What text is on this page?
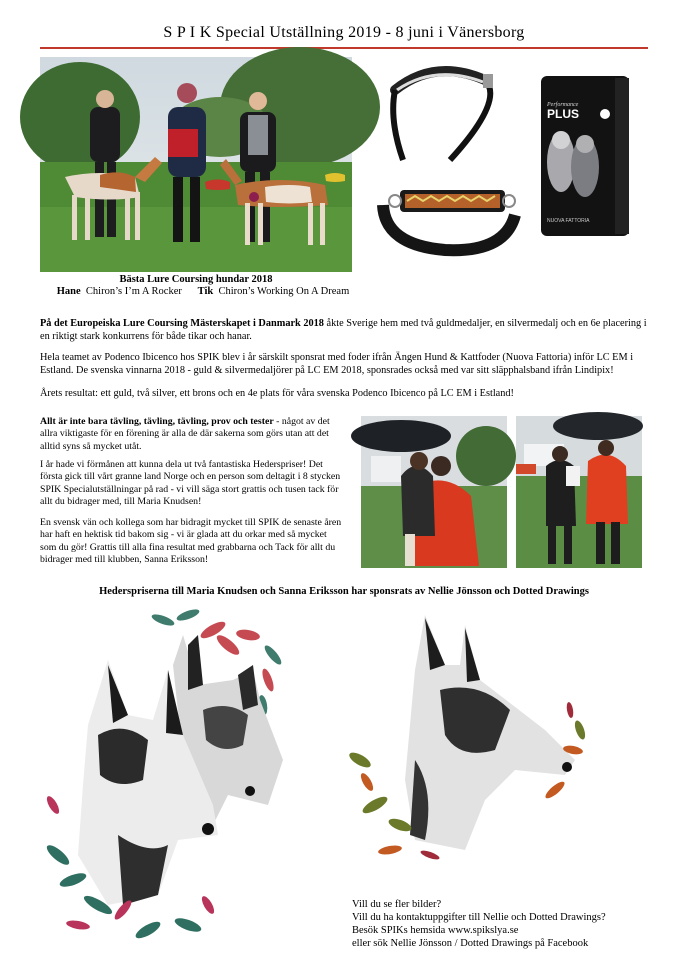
S P I K Special Utställning 2019 - 8 juni i Vänersborg
Bästa Lure Coursing hundar 2018
Hane Chiron’s I’m A Rocker Tik Chiron’s Working On A Dream
Performance
PLUS
PLUS
NUOVA FATTORIA
På det Europeiska Lure Coursing Mästerskapet i Danmark 2018 åkte Sverige hem med två guldmedaljer, en silvermedalj och en 6e placering i en riktigt stark konkurrens för både tikar och hanar.
Hela teamet av Podenco Ibicenco hos SPIK blev i år särskilt sponsrat med foder ifrån Ängen Hund & Kattfoder (Nuova Fattoria) inför LC EM i Estland. De svenska vinnarna 2018 - guld & silvermedaljörer på LC EM 2018, sponsrades också med var sitt släpphalsband ifrån Lindipix!
Årets resultat: ett guld, två silver, ett brons och en 4e plats för våra svenska Podenco Ibicenco på LC EM i Estland!
Allt är inte bara tävling, tävling, tävling, prov och tester - något av det allra viktigaste för en förening är alla de där sakerna som görs utan att det alltid syns så mycket utåt.
I år hade vi förmånen att kunna dela ut två fantastiska Hederspriser! Det första gick till vårt granne land Norge och en person som deltagit i 8 stycken SPIK Specialutställningar på rad - vi vill säga stort grattis och tusen tack för allt du bidrager med, till Maria Knudsen!
En svensk vän och kollega som har bidragit mycket till SPIK de senaste åren har haft en hektisk tid bakom sig - vi är glada att du orkar med så mycket som du gör! Grattis till alla fina resultat med grabbarna och Tack för allt du bidrager med till klubben, Sanna Eriksson!
Hederspriserna till Maria Knudsen och Sanna Eriksson har sponsrats av Nellie Jönsson och Dotted Drawings
Vill du se fler bilder?
Vill du ha kontaktuppgifter till Nellie och Dotted Drawings?
Besök SPIKs hemsida www.spikslya.se
eller sök Nellie Jönsson / Dotted Drawings på Facebook
